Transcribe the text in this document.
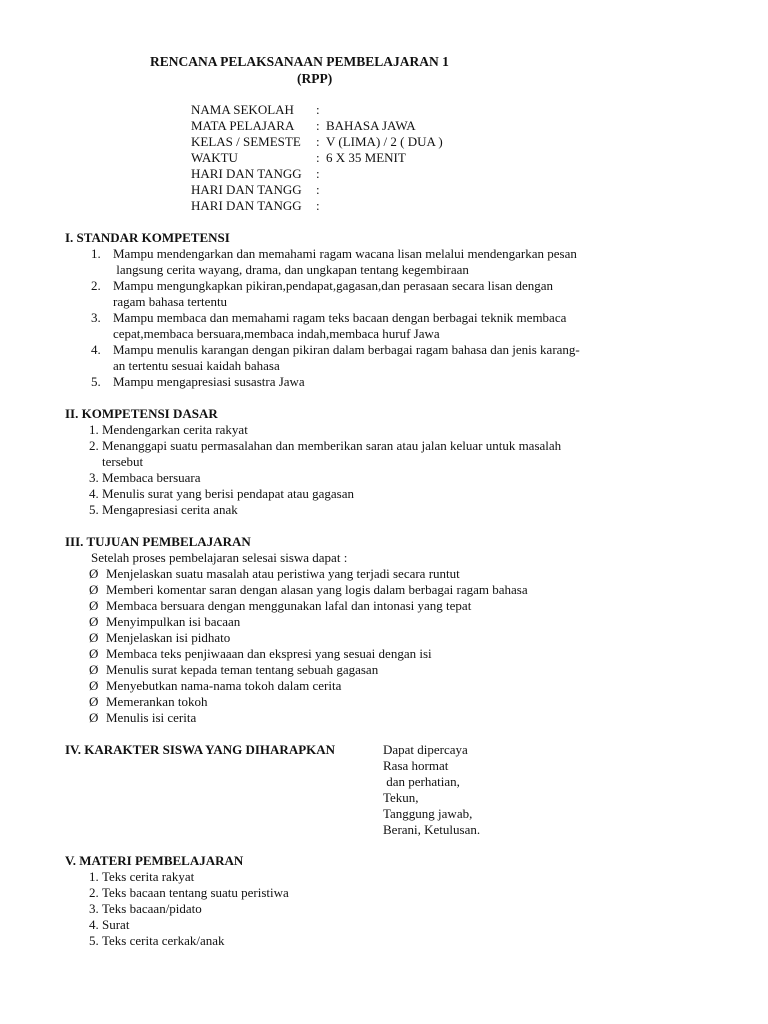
RENCANA PELAKSANAAN PEMBELAJARAN 1
(RPP)
NAMA SEKOLAH :
MATA PELAJARA : BAHASA JAWA
KELAS / SEMESTE : V (LIMA) / 2 ( DUA )
WAKTU	: 6 X 35 MENIT
HARI DAN TANGG :
HARI DAN TANGG :
HARI DAN TANGG :
I. STANDAR KOMPETENSI
1. Mampu mendengarkan dan memahami ragam wacana lisan melalui mendengarkan pesan
langsung cerita wayang, drama, dan ungkapan tentang kegembiraan
2. Mampu mengungkapkan pikiran,pendapat,gagasan,dan perasaan secara lisan dengan
ragam bahasa tertentu
3. Mampu membaca dan memahami ragam teks bacaan dengan berbagai teknik membaca
cepat,membaca bersuara,membaca indah,membaca huruf Jawa
4. Mampu menulis karangan dengan pikiran dalam berbagai ragam bahasa dan jenis karang-
an tertentu sesuai kaidah bahasa
5. Mampu mengapresiasi susastra Jawa
II. KOMPETENSI DASAR
1. Mendengarkan cerita rakyat
2. Menanggapi suatu permasalahan dan memberikan saran atau jalan keluar untuk masalah
tersebut
3. Membaca bersuara
4. Menulis surat yang berisi pendapat atau gagasan
5. Mengapresiasi cerita anak
III. TUJUAN PEMBELAJARAN
Setelah proses pembelajaran selesai siswa dapat :
Ø Menjelaskan suatu masalah atau peristiwa yang terjadi secara runtut
Ø Memberi komentar saran dengan alasan yang logis dalam berbagai ragam bahasa
Ø Membaca bersuara dengan menggunakan lafal dan intonasi yang tepat
Ø Menyimpulkan isi bacaan
Ø Menjelaskan isi pidhato
Ø Membaca teks penjiwaaan dan ekspresi yang sesuai dengan isi
Ø Menulis surat kepada teman tentang sebuah gagasan
Ø Menyebutkan nama-nama tokoh dalam cerita
Ø Memerankan tokoh
Ø Menulis isi cerita
IV. KARAKTER SISWA YANG DIHARAPKAN	Dapat dipercaya
Rasa hormat
dan perhatian,
Tekun,
Tanggung jawab,
Berani, Ketulusan.
V. MATERI PEMBELAJARAN
1. Teks cerita rakyat
2. Teks bacaan tentang suatu peristiwa
3. Teks bacaan/pidato
4. Surat
5. Teks cerita cerkak/anak
